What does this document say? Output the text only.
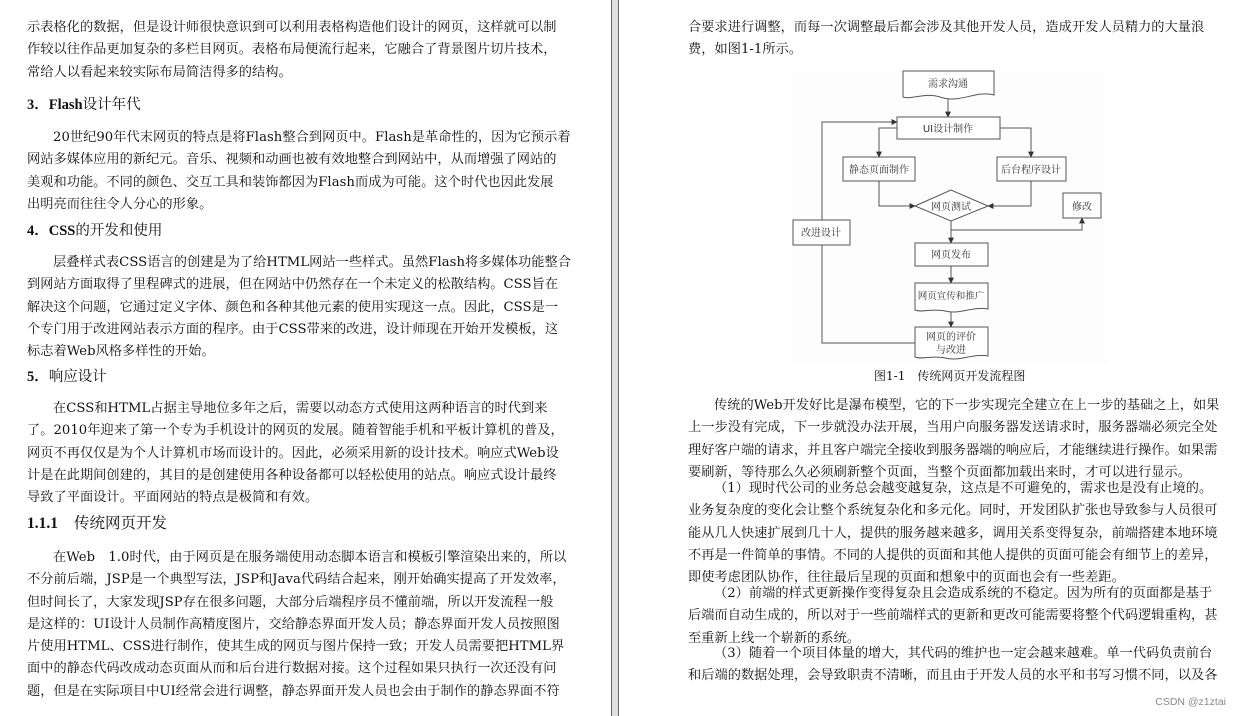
示表格化的数据，但是设计师很快意识到可以利用表格构造他们设计的网页，这样就可以制
作较以往作品更加复杂的多栏目网页。表格布局便流行起来，它融合了背景图片切片技术，
常给人以看起来较实际布局简洁得多的结构。
3．Flash设计年代
20世纪90年代末网页的特点是将Flash整合到网页中。Flash是革命性的，因为它预示着
网站多媒体应用的新纪元。音乐、视频和动画也被有效地整合到网站中，从而增强了网站的
美观和功能。不同的颜色、交互工具和装饰都因为Flash而成为可能。这个时代也因此发展
出明亮而往往令人分心的形象。
4．CSS的开发和使用
层叠样式表CSS语言的创建是为了给HTML网站一些样式。虽然Flash将多媒体功能整合
到网站方面取得了里程碑式的进展，但在网站中仍然存在一个未定义的松散结构。CSS旨在
解决这个问题，它通过定义字体、颜色和各种其他元素的使用实现这一点。因此，CSS是一
个专门用于改进网站表示方面的程序。由于CSS带来的改进，设计师现在开始开发模板，这
标志着Web风格多样性的开始。
5．响应设计
在CSS和HTML占据主导地位多年之后，需要以动态方式使用这两种语言的时代到来
了。2010年迎来了第一个专为手机设计的网页的发展。随着智能手机和平板计算机的普及，
网页不再仅仅是为个人计算机市场而设计的。因此，必须采用新的设计技术。响应式Web设
计是在此期间创建的，其目的是创建使用各种设备都可以轻松使用的站点。响应式设计最终
导致了平面设计。平面网站的特点是极简和有效。
1.1.1 传统网页开发
在Web　1.0时代，由于网页是在服务端使用动态脚本语言和模板引擎渲染出来的，所以
不分前后端，JSP是一个典型写法，JSP和Java代码结合起来，刚开始确实提高了开发效率，
但时间长了，大家发现JSP存在很多问题，大部分后端程序员不懂前端，所以开发流程一般
是这样的：UI设计人员制作高精度图片，交给静态界面开发人员；静态界面开发人员按照图
片使用HTML、CSS进行制作，使其生成的网页与图片保持一致；开发人员需要把HTML界
面中的静态代码改成动态页面从而和后台进行数据对接。这个过程如果只执行一次还没有问
题，但是在实际项目中UI经常会进行调整，静态界面开发人员也会由于制作的静态界面不符
合要求进行调整，而每一次调整最后都会涉及其他开发人员，造成开发人员精力的大量浪
费，如图1-1所示。
需求沟通
UI设计制作
静态页面制作	后台程序设计
网页测试	修改
改进设计
网页发布
网页宣传和推广
网页的评价
与改进
图1-1　传统网页开发流程图
传统的Web开发好比是瀑布模型，它的下一步实现完全建立在上一步的基础之上，如果
上一步没有完成，下一步就没办法开展，当用户向服务器发送请求时，服务器端必须完全处
理好客户端的请求，并且客户端完全接收到服务器端的响应后，才能继续进行操作。如果需
要刷新，等待那么久必须刷新整个页面，当整个页面都加载出来时，才可以进行显示。
（1）现时代公司的业务总会越变越复杂，这点是不可避免的，需求也是没有止境的。
业务复杂度的变化会让整个系统复杂化和多元化。同时，开发团队扩张也导致参与人员很可
能从几人快速扩展到几十人，提供的服务越来越多，调用关系变得复杂，前端搭建本地环境
不再是一件简单的事情。不同的人提供的页面和其他人提供的页面可能会有细节上的差异，
即使考虑团队协作，往往最后呈现的页面和想象中的页面也会有一些差距。
（2）前端的样式更新操作变得复杂且会造成系统的不稳定。因为所有的页面都是基于
后端而自动生成的，所以对于一些前端样式的更新和更改可能需要将整个代码逻辑重构，甚
至重新上线一个崭新的系统。
（3）随着一个项目体量的增大，其代码的维护也一定会越来越难。单一代码负责前台
和后端的数据处理，会导致职责不清晰，而且由于开发人员的水平和书写习惯不同，以及各
CSDN @z1ztai
